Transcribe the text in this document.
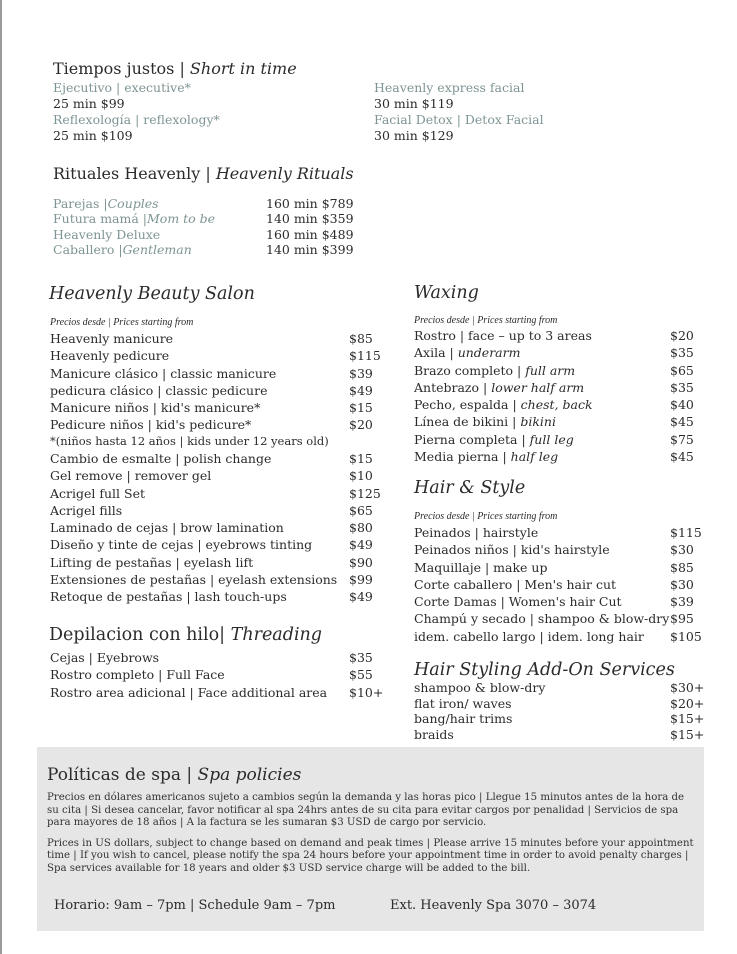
Tiempos justos | Short in time
Ejecutivo | executive*
25 min $99
Reflexología | reflexology*
25 min $109
Heavenly express facial
30 min $119
Facial Detox | Detox Facial
30 min $129
Rituales Heavenly | Heavenly Rituals
Parejas |Couples	160 min $789
Futura mamá |Mom to be	140 min $359
Heavenly Deluxe	160 min $489
Caballero |Gentleman	140 min $399
Heavenly Beauty Salon
Precios desde | Prices starting from
Heavenly manicure	$85
Heavenly pedicure	$115
Manicure clásico | classic manicure	$39
pedicura clásico | classic pedicure	$49
Manicure niños | kid's manicure*	$15
Pedicure niños | kid's pedicure*	$20
*(niños hasta 12 años | kids under 12 years old)
Cambio de esmalte | polish change	$15
Gel remove | remover gel	$10
Acrigel full Set	$125
Acrigel fills	$65
Laminado de cejas | brow lamination	$80
Diseño y tinte de cejas | eyebrows tinting	$49
Lifting de pestañas | eyelash lift	$90
Extensiones de pestañas | eyelash extensions $99
Retoque de pestañas | lash touch-ups	$49
Depilacion con hilo| Threading
Cejas | Eyebrows	$35
Rostro completo | Full Face	$55
Rostro area adicional | Face additional area $10+
Waxing
Precios desde | Prices starting from
Rostro | face – up to 3 areas	$20
Axila | underarm	$35
Brazo completo | full arm	$65
Antebrazo | lower half arm	$35
Pecho, espalda | chest, back	$40
Línea de bikini | bikini	$45
Pierna completa | full leg	$75
Media pierna | half leg	$45
Hair & Style
Precios desde | Prices starting from
Peinados | hairstyle	$115
Peinados niños | kid's hairstyle	$30
Maquillaje | make up	$85
Corte caballero | Men's hair cut	$30
Corte Damas | Women's hair Cut	$39
Champú y secado | shampoo & blow-dry $95
idem. cabello largo | idem. long hair $105
Hair Styling Add-On Services
shampoo & blow-dry	$30+
flat iron/ waves	$20+
bang/hair trims	$15+
braids	$15+
Políticas de spa | Spa policies

Precios en dólares americanos sujeto a cambios según la demanda y las horas pico | Llegue 15 minutos antes de la hora de su cita | Si desea cancelar, favor notificar al spa 24hrs antes de su cita para evitar cargos por penalidad | Servicios de spa para mayores de 18 años | A la factura se les sumaran $3 USD de cargo por servicio.

Prices in US dollars, subject to change based on demand and peak times | Please arrive 15 minutes before your appointment time | If you wish to cancel, please notify the spa 24 hours before your appointment time in order to avoid penalty charges | Spa services available for 18 years and older $3 USD service charge will be added to the bill.

Horario: 9am – 7pm | Schedule 9am – 7pm	Ext. Heavenly Spa 3070 – 3074
